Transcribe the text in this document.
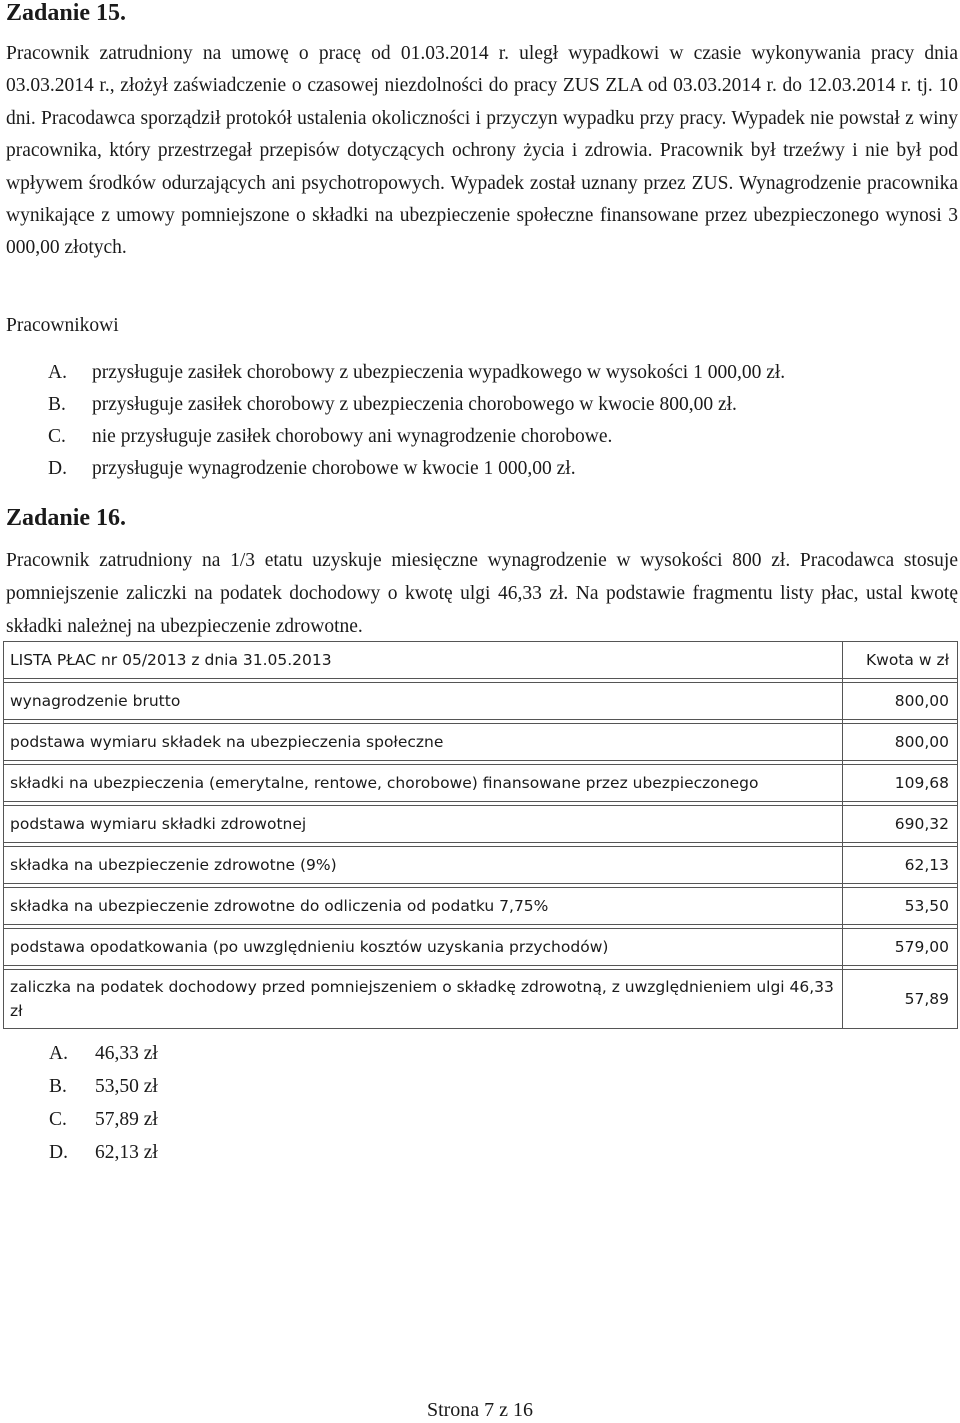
Zadanie 15.

Pracownik zatrudniony na umowę o pracę od 01.03.2014 r. uległ wypadkowi w czasie wykonywania pracy dnia 03.03.2014 r., złożył zaświadczenie o czasowej niezdolności do pracy ZUS ZLA od 03.03.2014 r. do 12.03.2014 r. tj. 10 dni. Pracodawca sporządził protokół ustalenia okoliczności i przyczyn wypadku przy pracy. Wypadek nie powstał z winy pracownika, który przestrzegał przepisów dotyczących ochrony życia i zdrowia. Pracownik był trzeźwy i nie był pod wpływem środków odurzających ani psychotropowych. Wypadek został uznany przez ZUS. Wynagrodzenie pracownika wynikające z umowy pomniejszone o składki na ubezpieczenie społeczne finansowane przez ubezpieczonego wynosi 3 000,00 złotych.

Pracownikowi

A.	przysługuje zasiłek chorobowy z ubezpieczenia wypadkowego w wysokości 1 000,00 zł.
B.	przysługuje zasiłek chorobowy z ubezpieczenia chorobowego w kwocie 800,00 zł.
C.	nie przysługuje zasiłek chorobowy ani wynagrodzenie chorobowe.
D.	przysługuje wynagrodzenie chorobowe w kwocie 1 000,00 zł.
Zadanie 16.

Pracownik zatrudniony na 1/3 etatu uzyskuje miesięczne wynagrodzenie w wysokości 800 zł. Pracodawca stosuje pomniejszenie zaliczki na podatek dochodowy o kwotę ulgi 46,33 zł. Na podstawie fragmentu listy płac, ustal kwotę składki należnej na ubezpieczenie zdrowotne.

LISTA PŁAC nr 05/2013 z dnia 31.05.2013	Kwota w zł

wynagrodzenie brutto	800,00

podstawa wymiaru składek na ubezpieczenia społeczne	800,00

składki na ubezpieczenia (emerytalne, rentowe, chorobowe) finansowane przez ubezpieczonego	109,68

podstawa wymiaru składki zdrowotnej	690,32

składka na ubezpieczenie zdrowotne (9%)	62,13

składka na ubezpieczenie zdrowotne do odliczenia od podatku 7,75%	53,50

podstawa opodatkowania (po uwzględnieniu kosztów uzyskania przychodów)	579,00

zaliczka na podatek dochodowy przed pomniejszeniem o składkę zdrowotną, z uwzględnieniem ulgi 46,33 zł	57,89
A.	46,33 zł
B.	53,50 zł
C.	57,89 zł
D.	62,13 zł

Strona 7 z 16
